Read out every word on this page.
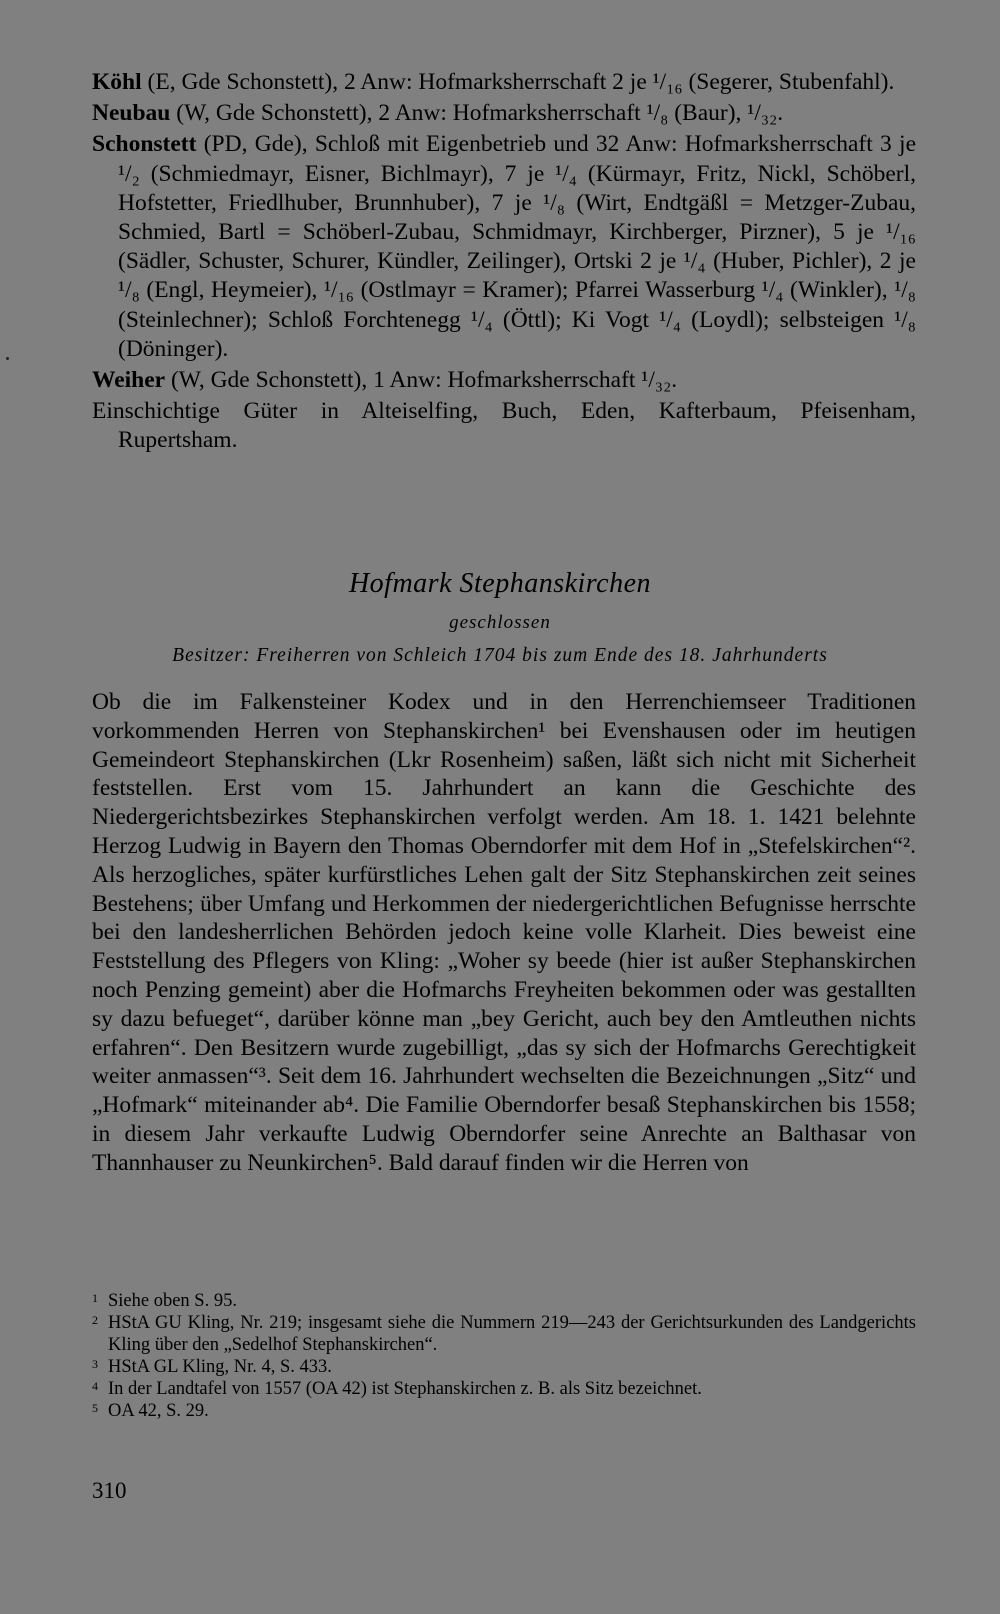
Köhl (E, Gde Schonstett), 2 Anw: Hofmarksherrschaft 2 je ¹/₁₆ (Segerer, Stubenfahl).

Neubau (W, Gde Schonstett), 2 Anw: Hofmarksherrschaft ¹/₈ (Baur), ¹/₃₂.

Schonstett (PD, Gde), Schloß mit Eigenbetrieb und 32 Anw: Hofmarksherrschaft 3 je ¹/₂ (Schmiedmayr, Eisner, Bichlmayr), 7 je ¹/₄ (Kürmayr, Fritz, Nickl, Schöberl, Hofstetter, Friedlhuber, Brunnhuber), 7 je ¹/₈ (Wirt, Endtgäßl = Metzger-Zubau, Schmied, Bartl = Schöberl-Zubau, Schmidmayr, Kirchberger, Pirzner), 5 je ¹/₁₆ (Sädler, Schuster, Schurer, Kündler, Zeilinger), Ortski 2 je ¹/₄ (Huber, Pichler), 2 je ¹/₈ (Engl, Heymeier), ¹/₁₆ (Ostlmayr = Kramer); Pfarrei Wasserburg ¹/₄ (Winkler), ¹/₈ (Steinlechner); Schloß Forchtenegg ¹/₄ (Öttl); Ki Vogt ¹/₄ (Loydl); selbsteigen ¹/₈ (Döninger).

Weiher (W, Gde Schonstett), 1 Anw: Hofmarksherrschaft ¹/₃₂.

Einschichtige Güter in Alteiselfing, Buch, Eden, Kafterbaum, Pfeisenham, Rupertsham.

Hofmark Stephanskirchen
geschlossen
Besitzer: Freiherren von Schleich 1704 bis zum Ende des 18. Jahrhunderts
Ob die im Falkensteiner Kodex und in den Herrenchiemseer Traditionen vorkommenden Herren von Stephanskirchen¹ bei Evenshausen oder im heutigen Gemeindeort Stephanskirchen (Lkr Rosenheim) saßen, läßt sich nicht mit Sicherheit feststellen. Erst vom 15. Jahrhundert an kann die Geschichte des Niedergerichtsbezirkes Stephanskirchen verfolgt werden. Am 18. 1. 1421 belehnte Herzog Ludwig in Bayern den Thomas Oberndorfer mit dem Hof in „Stefelskirchen“². Als herzogliches, später kurfürstliches Lehen galt der Sitz Stephanskirchen zeit seines Bestehens; über Umfang und Herkommen der niedergerichtlichen Befugnisse herrschte bei den landesherrlichen Behörden jedoch keine volle Klarheit. Dies beweist eine Feststellung des Pflegers von Kling: „Woher sy beede (hier ist außer Stephanskirchen noch Penzing gemeint) aber die Hofmarchs Freyheiten bekommen oder was gestallten sy dazu befueget“, darüber könne man „bey Gericht, auch bey den Amtleuthen nichts erfahren“. Den Besitzern wurde zugebilligt, „das sy sich der Hofmarchs Gerechtigkeit weiter anmassen“³. Seit dem 16. Jahrhundert wechselten die Bezeichnungen „Sitz“ und „Hofmark“ miteinander ab⁴. Die Familie Oberndorfer besaß Stephanskirchen bis 1558; in diesem Jahr verkaufte Ludwig Oberndorfer seine Anrechte an Balthasar von Thannhauser zu Neunkirchen⁵. Bald darauf finden wir die Herren von
1 Siehe oben S. 95.
2 HStA GU Kling, Nr. 219; insgesamt siehe die Nummern 219—243 der Gerichtsurkunden des Landgerichts Kling über den „Sedelhof Stephanskirchen“.
3 HStA GL Kling, Nr. 4, S. 433.
4 In der Landtafel von 1557 (OA 42) ist Stephanskirchen z. B. als Sitz bezeichnet.
5 OA 42, S. 29.
310
